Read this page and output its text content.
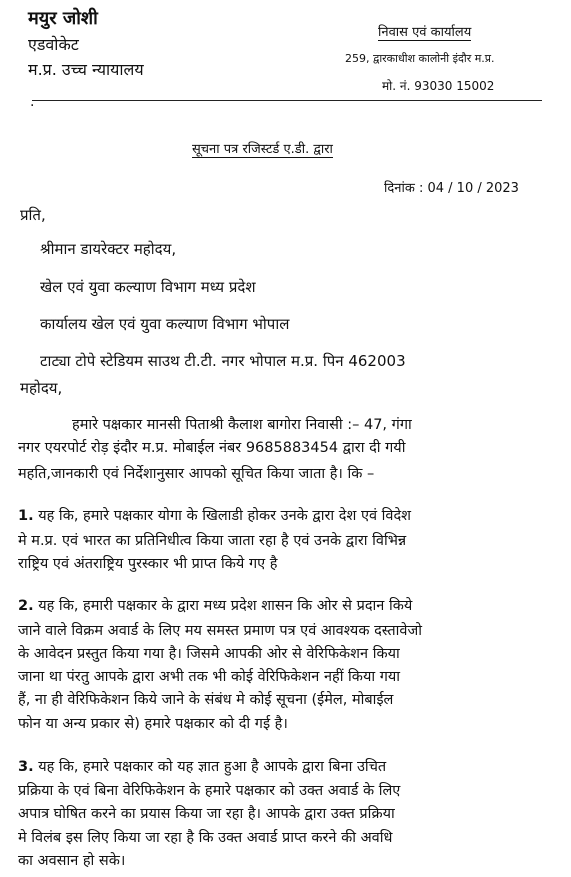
मयुर जोशी
एडवोकेट
म.प्र. उच्च न्यायालय
निवास एवं कार्यालय
259, द्वारकाधीश कालोनी इंदौर म.प्र.
मो. नं. 93030 15002
.
सूचना पत्र रजिस्टर्ड ए.डी. द्वारा
दिनांक : 04 / 10 / 2023
प्रति,
श्रीमान डायरेक्टर महोदय,
खेल एवं युवा कल्याण विभाग मध्य प्रदेश
कार्यालय खेल एवं युवा कल्याण विभाग भोपाल
टाट्या टोपे स्टेडियम साउथ टी.टी. नगर भोपाल म.प्र. पिन 462003
महोदय,
हमारे पक्षकार मानसी पिताश्री कैलाश बागोरा निवासी :– 47, गंगा
नगर एयरपोर्ट रोड़ इंदौर म.प्र. मोबाईल नंबर 9685883454 द्वारा दी गयी
महति,जानकारी एवं निर्देशानुसार आपको सूचित किया जाता है। कि –
1. यह कि, हमारे पक्षकार योगा के खिलाडी होकर उनके द्वारा देश एवं विदेश
मे म.प्र. एवं भारत का प्रतिनिधीत्व किया जाता रहा है एवं उनके द्वारा विभिन्न
राष्ट्रिय एवं अंतराष्ट्रिय पुरस्कार भी प्राप्त किये गए है
2. यह कि, हमारी पक्षकार के द्वारा मध्य प्रदेश शासन कि ओर से प्रदान किये
जाने वाले विक्रम अवार्ड के लिए मय समस्त प्रमाण पत्र एवं आवश्यक दस्तावेजो
के आवेदन प्रस्तुत किया गया है। जिसमे आपकी ओर से वेरिफिकेशन किया
जाना था पंरतु आपके द्वारा अभी तक भी कोई वेरिफिकेशन नहीं किया गया
हैं, ना ही वेरिफिकेशन किये जाने के संबंध मे कोई सूचना (ईमेल, मोबाईल
फोन या अन्य प्रकार से) हमारे पक्षकार को दी गई है।
3. यह कि, हमारे पक्षकार को यह ज्ञात हुआ है आपके द्वारा बिना उचित
प्रक्रिया के एवं बिना वेरिफिकेशन के हमारे पक्षकार को उक्त अवार्ड के लिए
अपात्र घोषित करने का प्रयास किया जा रहा है। आपके द्वारा उक्त प्रक्रिया
मे विलंब इस लिए किया जा रहा है कि उक्त अवार्ड प्राप्त करने की अवधि
का अवसान हो सके।
